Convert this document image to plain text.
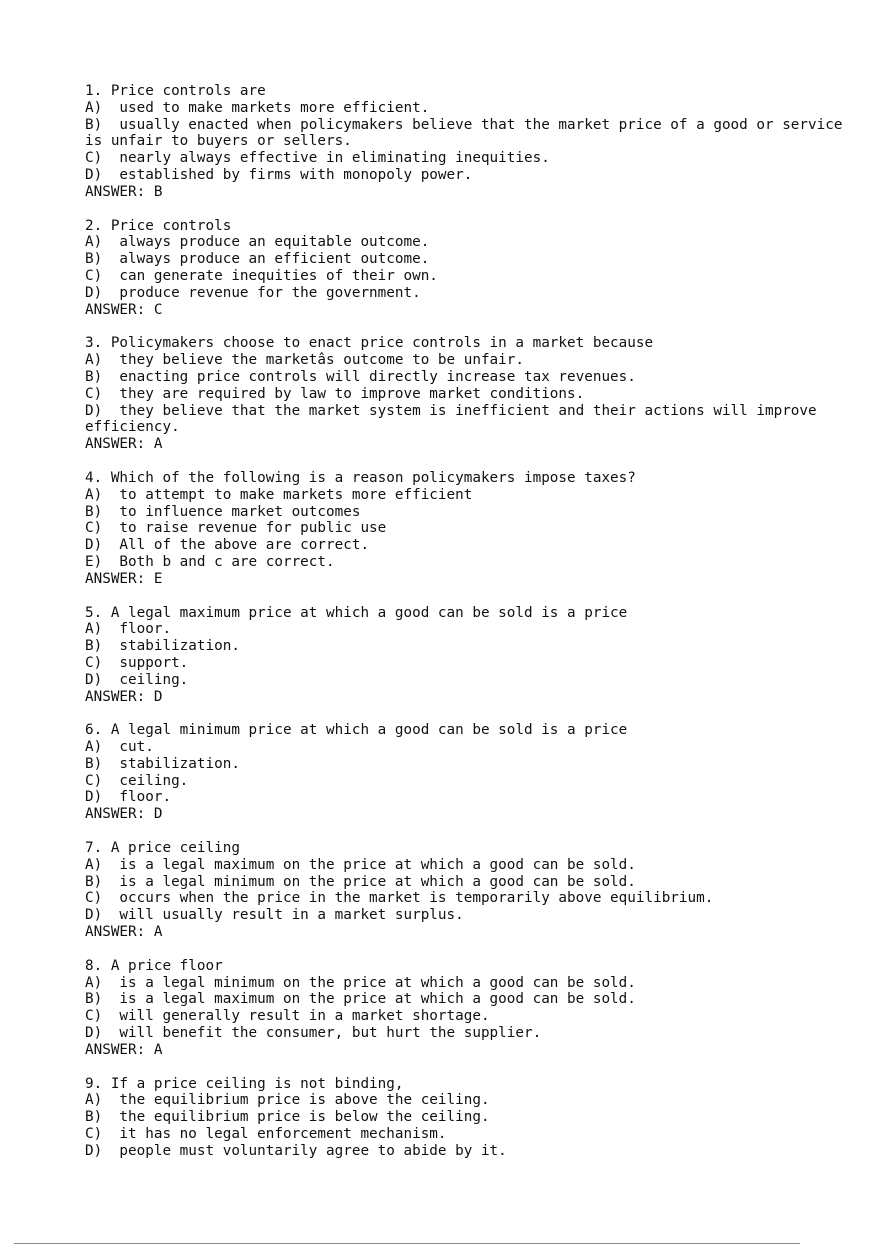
1. Price controls are
A)  used to make markets more efficient.
B)  usually enacted when policymakers believe that the market price of a good or service is unfair to buyers or sellers.
C)  nearly always effective in eliminating inequities.
D)  established by firms with monopoly power.
ANSWER: B
2. Price controls
A)  always produce an equitable outcome.
B)  always produce an efficient outcome.
C)  can generate inequities of their own.
D)  produce revenue for the government.
ANSWER: C
3. Policymakers choose to enact price controls in a market because
A)  they believe the marketâs outcome to be unfair.
B)  enacting price controls will directly increase tax revenues.
C)  they are required by law to improve market conditions.
D)  they believe that the market system is inefficient and their actions will improve efficiency.
ANSWER: A
4. Which of the following is a reason policymakers impose taxes?
A)  to attempt to make markets more efficient
B)  to influence market outcomes
C)  to raise revenue for public use
D)  All of the above are correct.
E)  Both b and c are correct.
ANSWER: E
5. A legal maximum price at which a good can be sold is a price
A)  floor.
B)  stabilization.
C)  support.
D)  ceiling.
ANSWER: D
6. A legal minimum price at which a good can be sold is a price
A)  cut.
B)  stabilization.
C)  ceiling.
D)  floor.
ANSWER: D
7. A price ceiling
A)  is a legal maximum on the price at which a good can be sold.
B)  is a legal minimum on the price at which a good can be sold.
C)  occurs when the price in the market is temporarily above equilibrium.
D)  will usually result in a market surplus.
ANSWER: A
8. A price floor
A)  is a legal minimum on the price at which a good can be sold.
B)  is a legal maximum on the price at which a good can be sold.
C)  will generally result in a market shortage.
D)  will benefit the consumer, but hurt the supplier.
ANSWER: A
9. If a price ceiling is not binding,
A)  the equilibrium price is above the ceiling.
B)  the equilibrium price is below the ceiling.
C)  it has no legal enforcement mechanism.
D)  people must voluntarily agree to abide by it.
